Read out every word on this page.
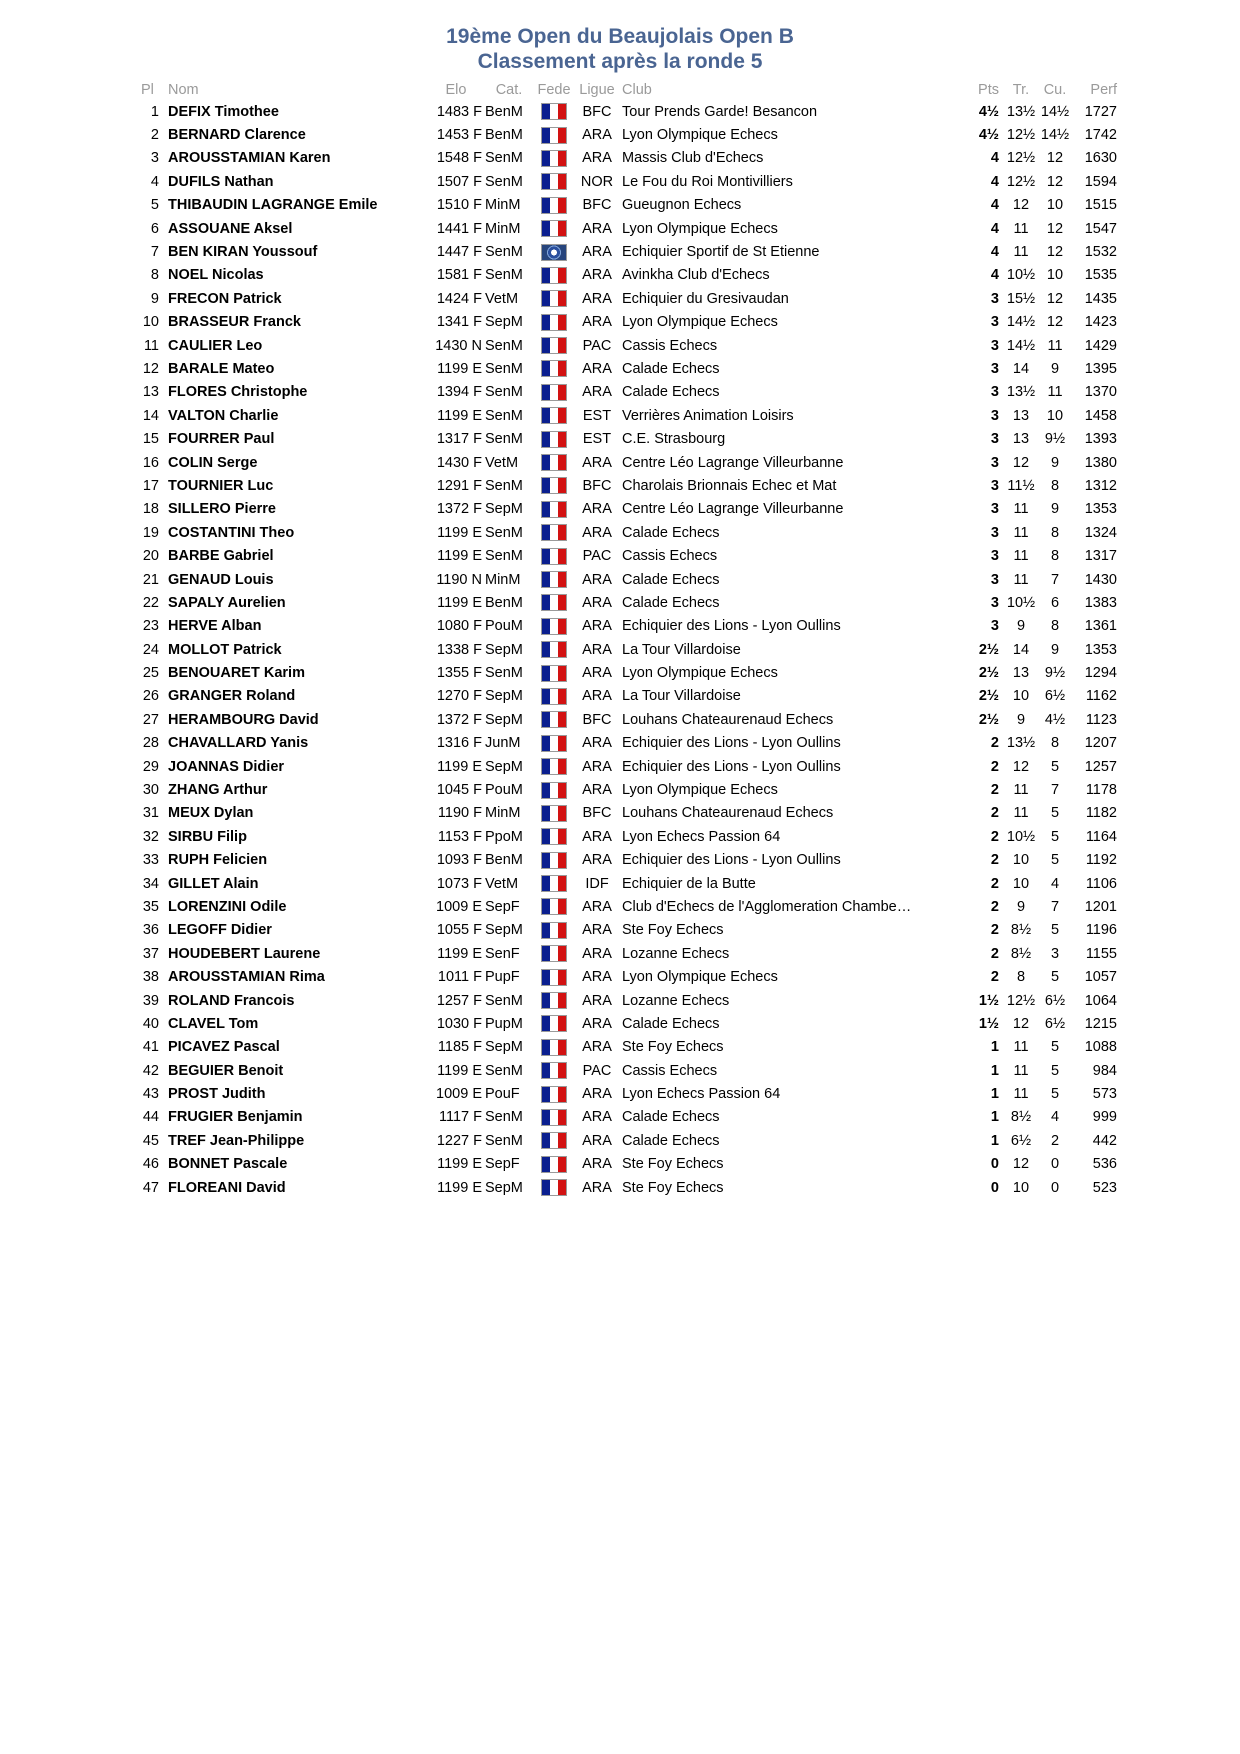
19ème Open du Beaujolais Open B
Classement après la ronde 5
Pl	Nom	Elo	Cat.	Fede	Ligue	Club	Pts	Tr.	Cu.	Perf
1	DEFIX Timothee	1483 F	BenM		BFC	Tour Prends Garde! Besancon	4½	13½	14½	1727
2	BERNARD Clarence	1453 F	BenM		ARA	Lyon Olympique Echecs	4½	12½	14½	1742
3	AROUSSTAMIAN Karen	1548 F	SenM		ARA	Massis Club d'Echecs	4	12½	12	1630
4	DUFILS Nathan	1507 F	SenM		NOR	Le Fou du Roi Montivilliers	4	12½	12	1594
5	THIBAUDIN LAGRANGE Emile	1510 F	MinM		BFC	Gueugnon Echecs	4	12	10	1515
6	ASSOUANE Aksel	1441 F	MinM		ARA	Lyon Olympique Echecs	4	11	12	1547
7	BEN KIRAN Youssouf	1447 F	SenM		ARA	Echiquier Sportif de St Etienne	4	11	12	1532
8	NOEL Nicolas	1581 F	SenM		ARA	Avinkha Club d'Echecs	4	10½	10	1535
9	FRECON Patrick	1424 F	VetM		ARA	Echiquier du Gresivaudan	3	15½	12	1435
10	BRASSEUR Franck	1341 F	SepM		ARA	Lyon Olympique Echecs	3	14½	12	1423
11	CAULIER Leo	1430 N	SenM		PAC	Cassis Echecs	3	14½	11	1429
12	BARALE Mateo	1199 E	SenM		ARA	Calade Echecs	3	14	9	1395
13	FLORES Christophe	1394 F	SenM		ARA	Calade Echecs	3	13½	11	1370
14	VALTON Charlie	1199 E	SenM		EST	Verrières Animation Loisirs	3	13	10	1458
15	FOURRER Paul	1317 F	SenM		EST	C.E. Strasbourg	3	13	9½	1393
16	COLIN Serge	1430 F	VetM		ARA	Centre Léo Lagrange Villeurbanne	3	12	9	1380
17	TOURNIER Luc	1291 F	SenM		BFC	Charolais Brionnais Echec et Mat	3	11½	8	1312
18	SILLERO Pierre	1372 F	SepM		ARA	Centre Léo Lagrange Villeurbanne	3	11	9	1353
19	COSTANTINI Theo	1199 E	SenM		ARA	Calade Echecs	3	11	8	1324
20	BARBE Gabriel	1199 E	SenM		PAC	Cassis Echecs	3	11	8	1317
21	GENAUD Louis	1190 N	MinM		ARA	Calade Echecs	3	11	7	1430
22	SAPALY Aurelien	1199 E	BenM		ARA	Calade Echecs	3	10½	6	1383
23	HERVE Alban	1080 F	PouM		ARA	Echiquier des Lions - Lyon Oullins	3	9	8	1361
24	MOLLOT Patrick	1338 F	SepM		ARA	La Tour Villardoise	2½	14	9	1353
25	BENOUARET Karim	1355 F	SenM		ARA	Lyon Olympique Echecs	2½	13	9½	1294
26	GRANGER Roland	1270 F	SepM		ARA	La Tour Villardoise	2½	10	6½	1162
27	HERAMBOURG David	1372 F	SepM		BFC	Louhans Chateaurenaud Echecs	2½	9	4½	1123
28	CHAVALLARD Yanis	1316 F	JunM		ARA	Echiquier des Lions - Lyon Oullins	2	13½	8	1207
29	JOANNAS Didier	1199 E	SepM		ARA	Echiquier des Lions - Lyon Oullins	2	12	5	1257
30	ZHANG Arthur	1045 F	PouM		ARA	Lyon Olympique Echecs	2	11	7	1178
31	MEUX Dylan	1190 F	MinM		BFC	Louhans Chateaurenaud Echecs	2	11	5	1182
32	SIRBU Filip	1153 F	PpoM		ARA	Lyon Echecs Passion 64	2	10½	5	1164
33	RUPH Felicien	1093 F	BenM		ARA	Echiquier des Lions - Lyon Oullins	2	10	5	1192
34	GILLET Alain	1073 F	VetM		IDF	Echiquier de la Butte	2	10	4	1106
35	LORENZINI Odile	1009 E	SepF		ARA	Club d'Echecs de l'Agglomeration Chambe…	2	9	7	1201
36	LEGOFF Didier	1055 F	SepM		ARA	Ste Foy Echecs	2	8½	5	1196
37	HOUDEBERT Laurene	1199 E	SenF		ARA	Lozanne Echecs	2	8½	3	1155
38	AROUSSTAMIAN Rima	1011 F	PupF		ARA	Lyon Olympique Echecs	2	8	5	1057
39	ROLAND Francois	1257 F	SenM		ARA	Lozanne Echecs	1½	12½	6½	1064
40	CLAVEL Tom	1030 F	PupM		ARA	Calade Echecs	1½	12	6½	1215
41	PICAVEZ Pascal	1185 F	SepM		ARA	Ste Foy Echecs	1	11	5	1088
42	BEGUIER Benoit	1199 E	SenM		PAC	Cassis Echecs	1	11	5	984
43	PROST Judith	1009 E	PouF		ARA	Lyon Echecs Passion 64	1	11	5	573
44	FRUGIER Benjamin	1117 F	SenM		ARA	Calade Echecs	1	8½	4	999
45	TREF Jean-Philippe	1227 F	SenM		ARA	Calade Echecs	1	6½	2	442
46	BONNET Pascale	1199 E	SepF		ARA	Ste Foy Echecs	0	12	0	536
47	FLOREANI David	1199 E	SepM		ARA	Ste Foy Echecs	0	10	0	523
